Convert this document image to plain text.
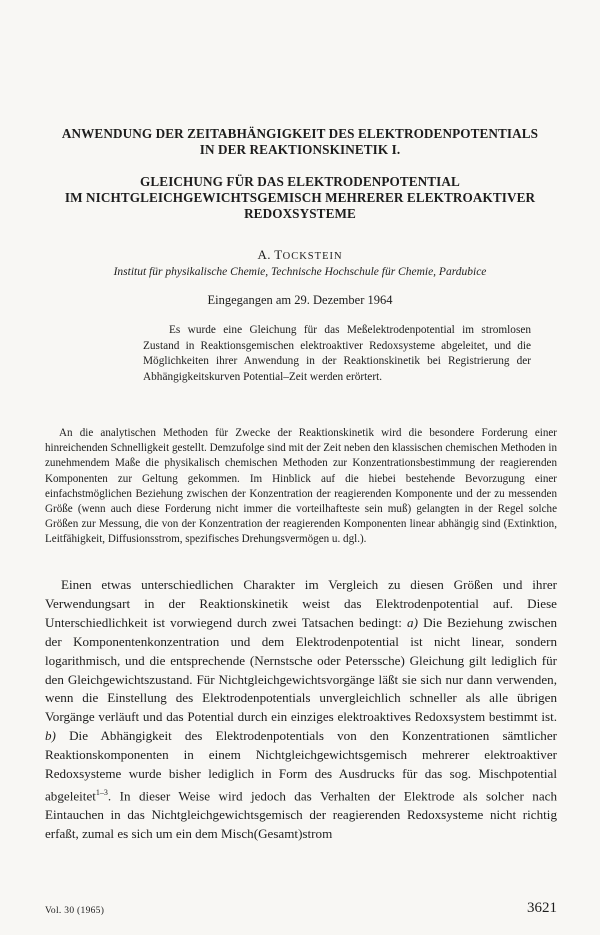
ANWENDUNG DER ZEITABHÄNGIGKEIT DES ELEKTRODENPOTENTIALS
IN DER REAKTIONSKINETIK I.
GLEICHUNG FÜR DAS ELEKTRODENPOTENTIAL
IM NICHTGLEICHGEWICHTSGEMISCH MEHRERER ELEKTROAKTIVER
REDOXSYSTEME
A. TOCKSTEIN
Institut für physikalische Chemie, Technische Hochschule für Chemie, Pardubice
Eingegangen am 29. Dezember 1964

Es wurde eine Gleichung für das Meßelektrodenpotential im stromlosen Zustand in Reaktionsgemischen elektroaktiver Redoxsysteme abgeleitet, und die Möglichkeiten ihrer Anwendung in der Reaktionskinetik bei Registrierung der Abhängigkeitskurven Potential–Zeit werden erörtert.

An die analytischen Methoden für Zwecke der Reaktionskinetik wird die besondere Forderung einer hinreichenden Schnelligkeit gestellt. Demzufolge sind mit der Zeit neben den klassischen chemischen Methoden in zunehmendem Maße die physikalisch chemischen Methoden zur Konzentrationsbestimmung der reagierenden Komponenten zur Geltung gekommen. Im Hinblick auf die hiebei bestehende Bevorzugung einer einfachstmöglichen Beziehung zwischen der Konzentration der reagierenden Komponente und der zu messenden Größe (wenn auch diese Forderung nicht immer die vorteilhafteste sein muß) gelangten in der Regel solche Größen zur Messung, die von der Konzentration der reagierenden Komponenten linear abhängig sind (Extinktion, Leitfähigkeit, Diffusionsstrom, spezifisches Drehungsvermögen u. dgl.).

Einen etwas unterschiedlichen Charakter im Vergleich zu diesen Größen und ihrer Verwendungsart in der Reaktionskinetik weist das Elektrodenpotential auf. Diese Unterschiedlichkeit ist vorwiegend durch zwei Tatsachen bedingt: a) Die Beziehung zwischen der Komponentenkonzentration und dem Elektrodenpotential ist nicht linear, sondern logarithmisch, und die entsprechende (Nernstsche oder Peterssche) Gleichung gilt lediglich für den Gleichgewichtszustand. Für Nichtgleichgewichtsvorgänge läßt sie sich nur dann verwenden, wenn die Einstellung des Elektrodenpotentials unvergleichlich schneller als alle übrigen Vorgänge verläuft und das Potential durch ein einziges elektroaktives Redoxsystem bestimmt ist. b) Die Abhängigkeit des Elektrodenpotentials von den Konzentrationen sämtlicher Reaktionskomponenten in einem Nichtgleichgewichtsgemisch mehrerer elektroaktiver Redoxsysteme wurde bisher lediglich in Form des Ausdrucks für das sog. Mischpotential abgeleitet$^{1-3}$. In dieser Weise wird jedoch das Verhalten der Elektrode als solcher nach Eintauchen in das Nichtgleichgewichtsgemisch der reagierenden Redoxsysteme nicht richtig erfaßt, zumal es sich um ein dem Misch(Gesamt)strom

Vol. 30 (1965)	3621
